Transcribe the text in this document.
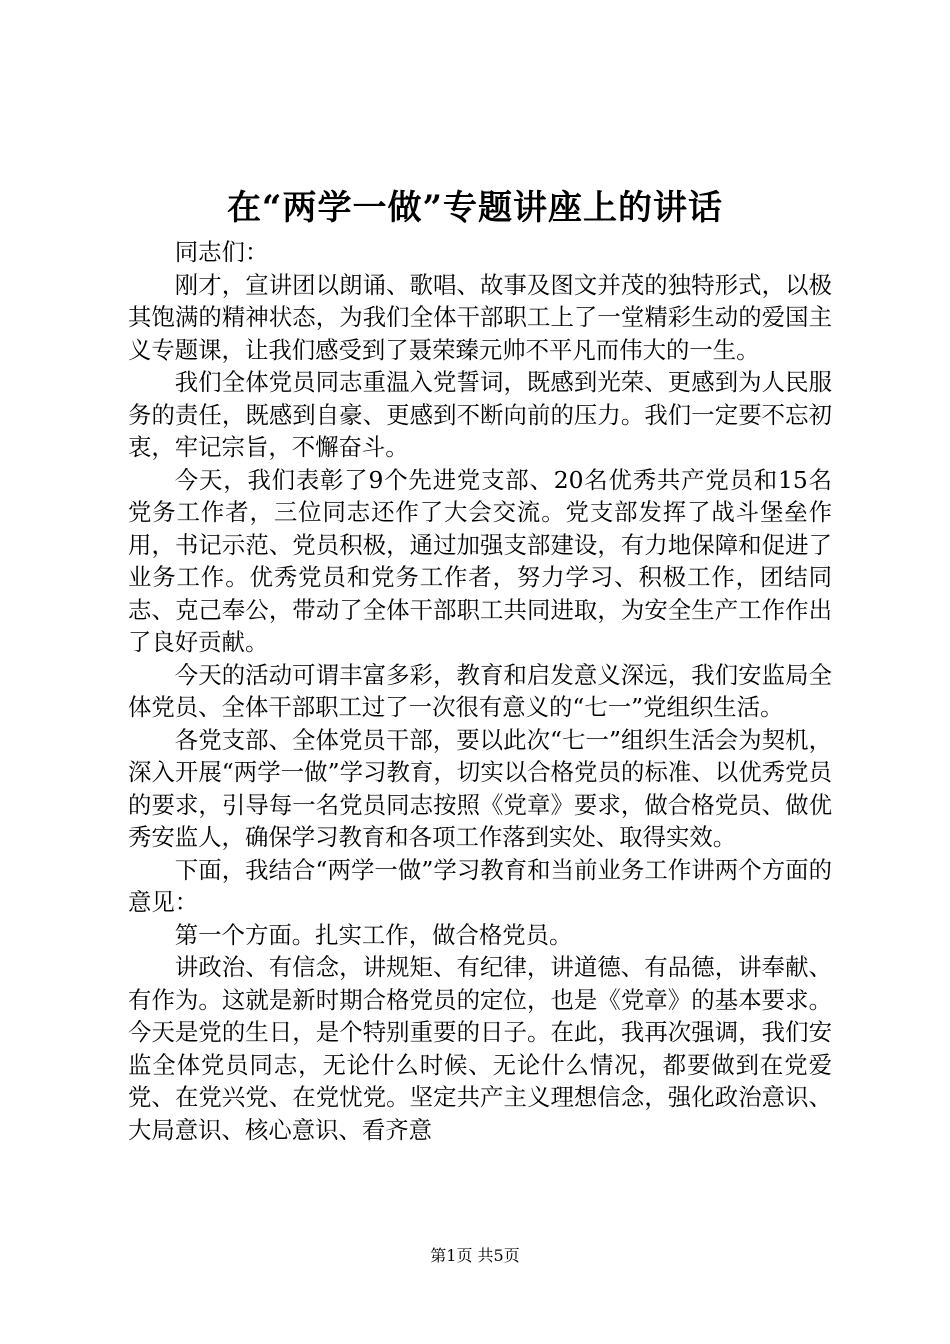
在“两学一做”专题讲座上的讲话

同志们：

刚才，宣讲团以朗诵、歌唱、故事及图文并茂的独特形式，以极其饱满的精神状态，为我们全体干部职工上了一堂精彩生动的爱国主义专题课，让我们感受到了聂荣臻元帅不平凡而伟大的一生。

我们全体党员同志重温入党誓词，既感到光荣、更感到为人民服务的责任，既感到自豪、更感到不断向前的压力。我们一定要不忘初衷，牢记宗旨，不懈奋斗。

今天，我们表彰了9个先进党支部、20名优秀共产党员和15名党务工作者，三位同志还作了大会交流。党支部发挥了战斗堡垒作用，书记示范、党员积极，通过加强支部建设，有力地保障和促进了业务工作。优秀党员和党务工作者，努力学习、积极工作，团结同志、克己奉公，带动了全体干部职工共同进取，为安全生产工作作出了良好贡献。

今天的活动可谓丰富多彩，教育和启发意义深远，我们安监局全体党员、全体干部职工过了一次很有意义的“七一”党组织生活。

各党支部、全体党员干部，要以此次“七一”组织生活会为契机，深入开展“两学一做”学习教育，切实以合格党员的标准、以优秀党员的要求，引导每一名党员同志按照《党章》要求，做合格党员、做优秀安监人，确保学习教育和各项工作落到实处、取得实效。

下面，我结合“两学一做”学习教育和当前业务工作讲两个方面的意见：

第一个方面。扎实工作，做合格党员。

讲政治、有信念，讲规矩、有纪律，讲道德、有品德，讲奉献、有作为。这就是新时期合格党员的定位，也是《党章》的基本要求。今天是党的生日，是个特别重要的日子。在此，我再次强调，我们安监全体党员同志，无论什么时候、无论什么情况，都要做到在党爱党、在党兴党、在党忧党。坚定共产主义理想信念，强化政治意识、大局意识、核心意识、看齐意

第1页 共5页
